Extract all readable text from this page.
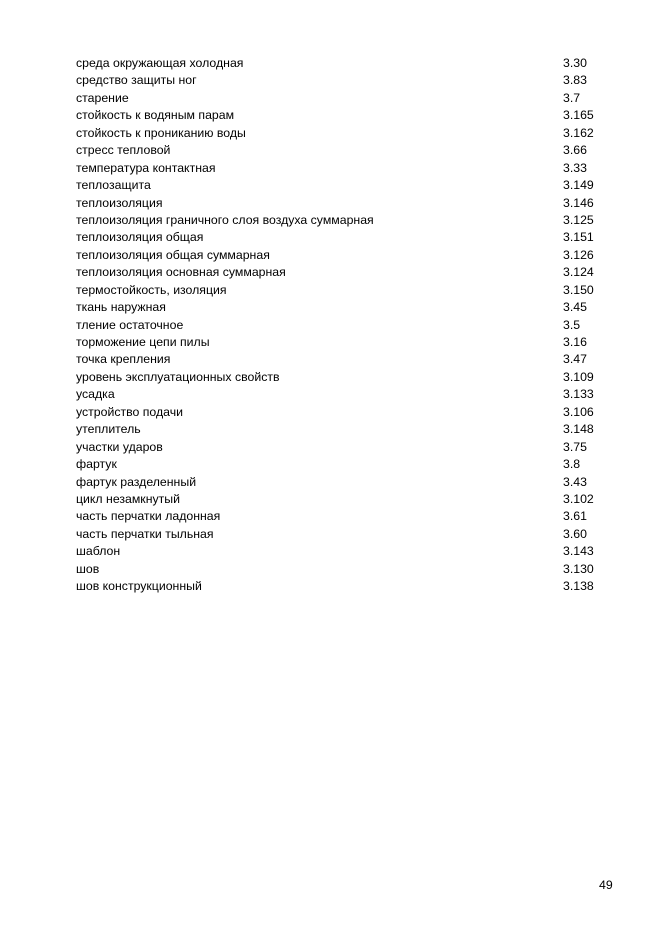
среда окружающая холодная	3.30
средство защиты ног	3.83
старение	3.7
стойкость к водяным парам	3.165
стойкость к прониканию воды	3.162
стресс тепловой	3.66
температура контактная	3.33
теплозащита	3.149
теплоизоляция	3.146
теплоизоляция граничного слоя воздуха суммарная	3.125
теплоизоляция общая	3.151
теплоизоляция общая суммарная	3.126
теплоизоляция основная суммарная	3.124
термостойкость, изоляция	3.150
ткань наружная	3.45
тление остаточное	3.5
торможение цепи пилы	3.16
точка крепления	3.47
уровень эксплуатационных свойств	3.109
усадка	3.133
устройство подачи	3.106
утеплитель	3.148
участки ударов	3.75
фартук	3.8
фартук разделенный	3.43
цикл незамкнутый	3.102
часть перчатки ладонная	3.61
часть перчатки тыльная	3.60
шаблон	3.143
шов	3.130
шов конструкционный	3.138
49
